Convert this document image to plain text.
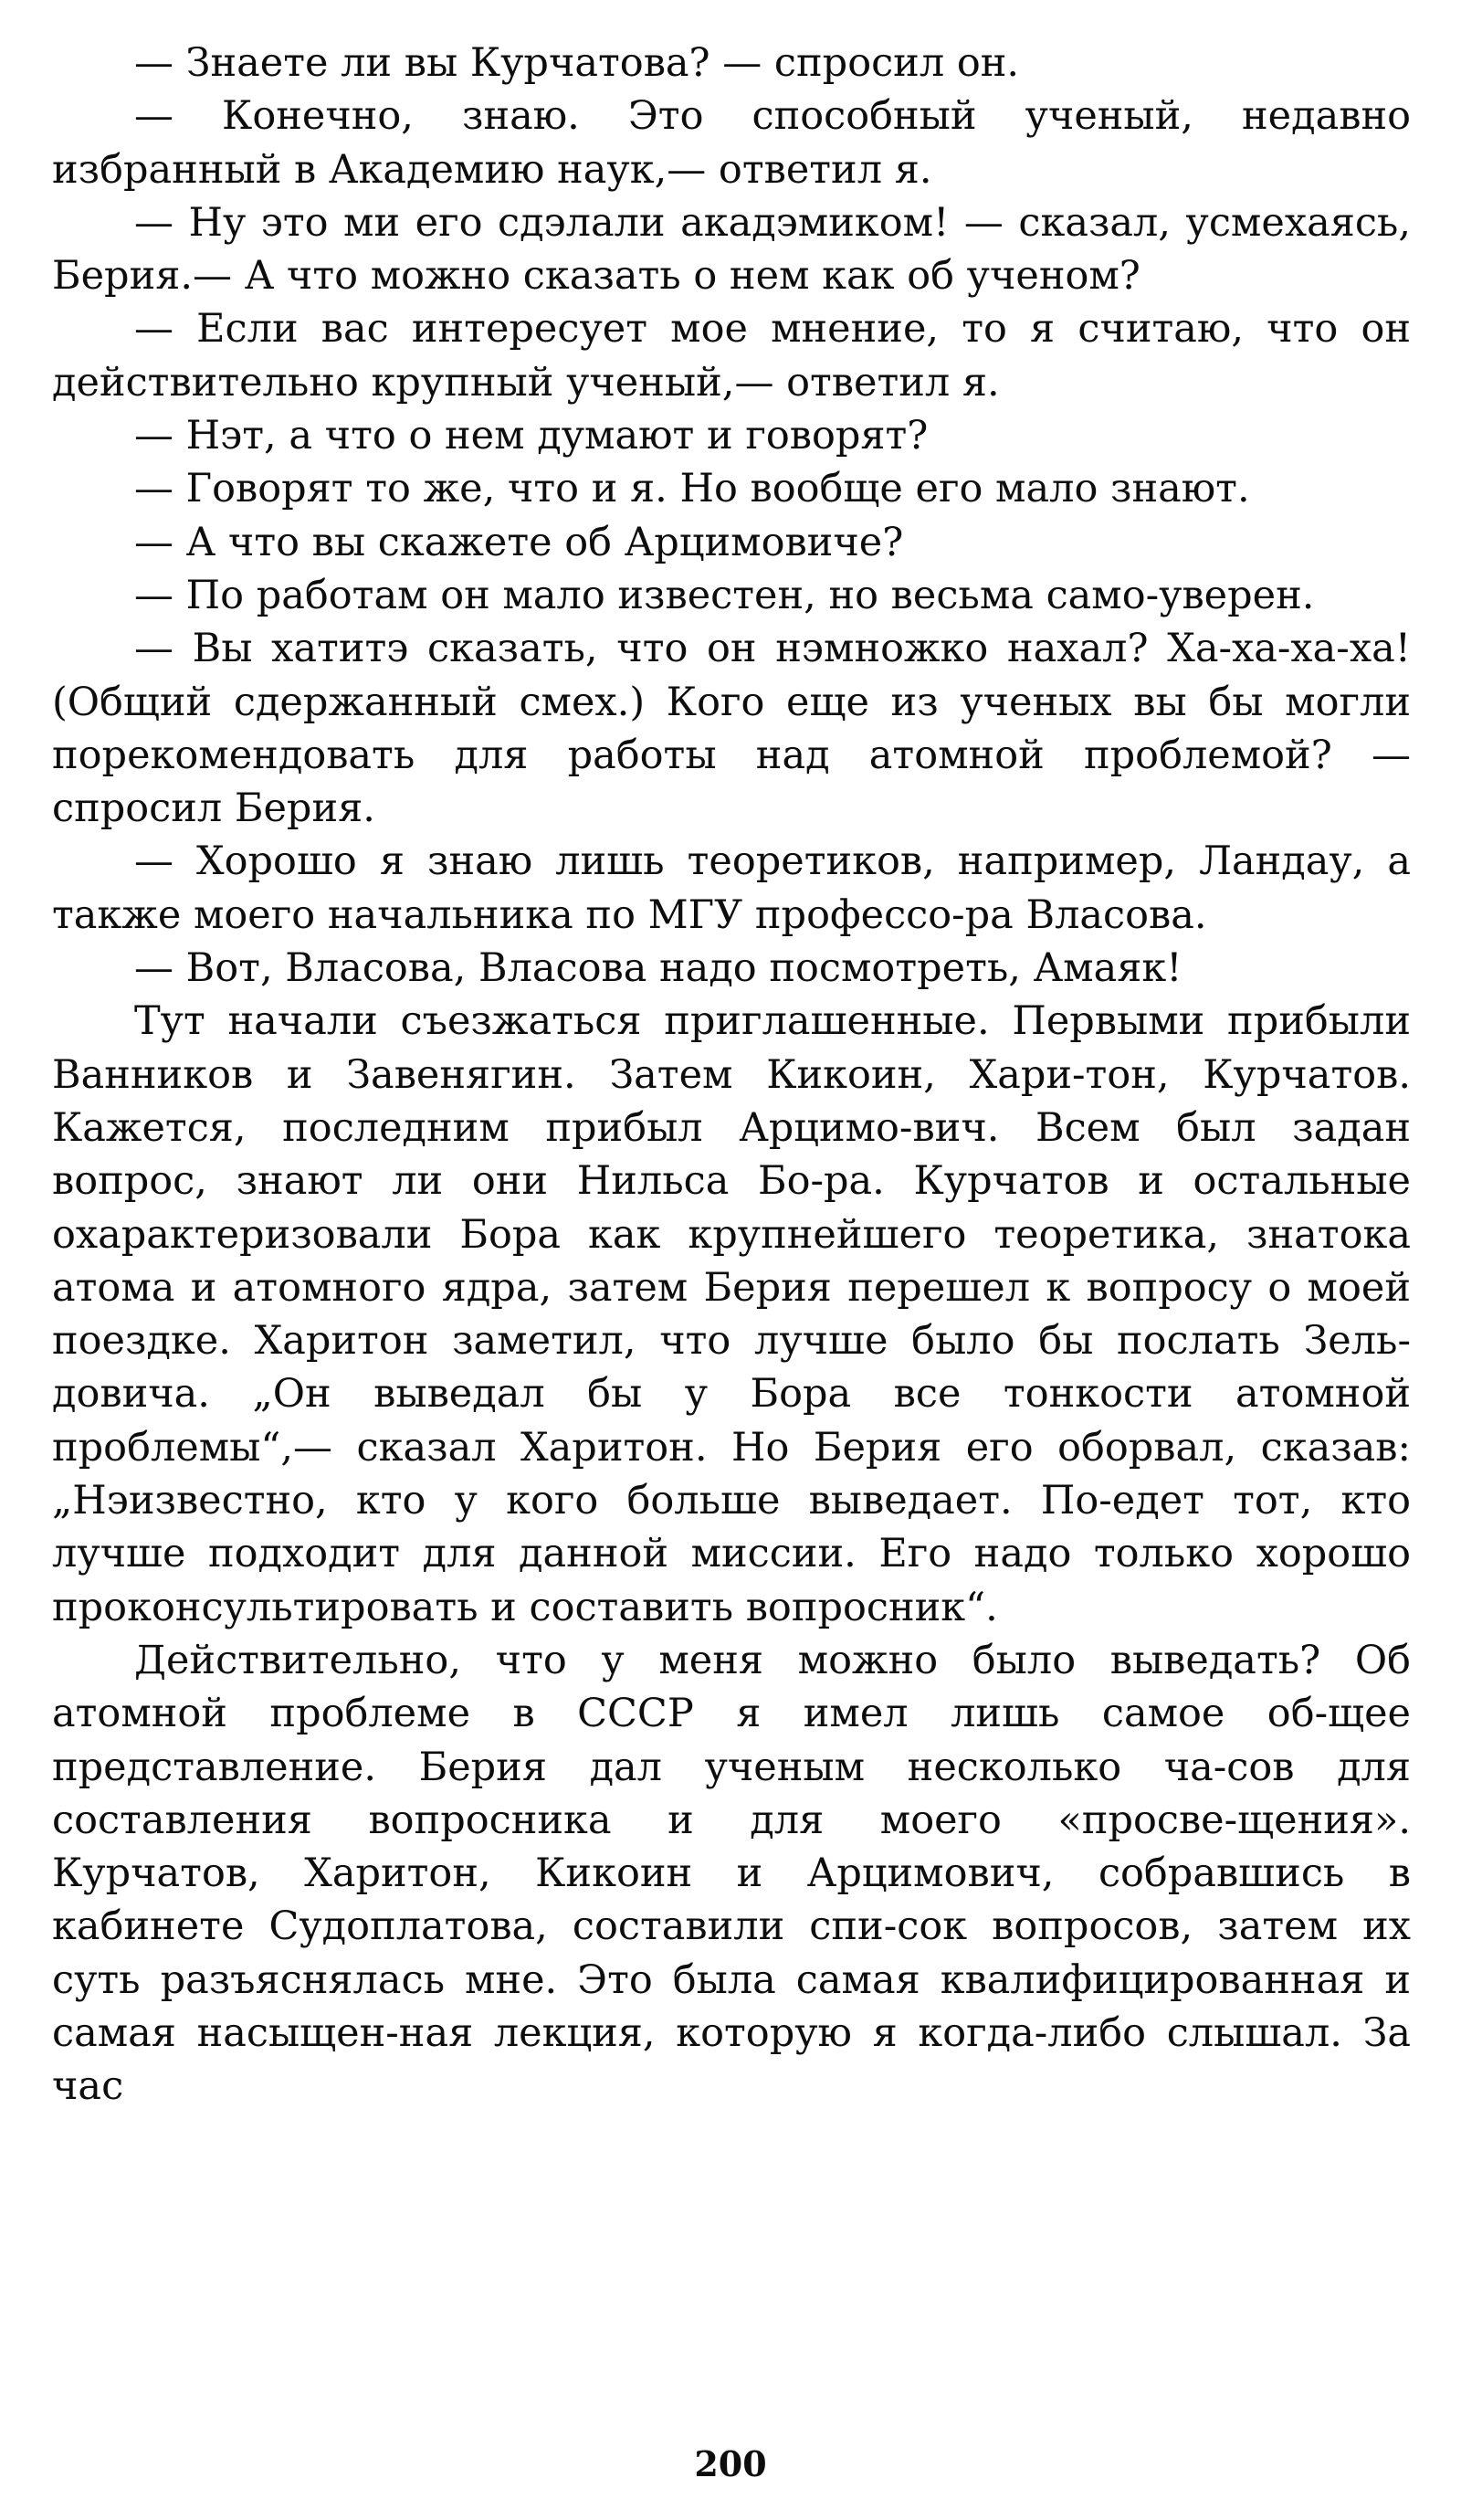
— Знаете ли вы Курчатова? — спросил он.

— Конечно, знаю. Это способный ученый, недавно избранный в Академию наук,— ответил я.

— Ну это ми его сдэлали акадэмиком! — сказал, усмехаясь, Берия.— А что можно сказать о нем как об ученом?

— Если вас интересует мое мнение, то я считаю, что он действительно крупный ученый,— ответил я.

— Нэт, а что о нем думают и говорят?

— Говорят то же, что и я. Но вообще его мало знают.

— А что вы скажете об Арцимовиче?

— По работам он мало известен, но весьма само-уверен.

— Вы хатитэ сказать, что он нэмножко нахал? Ха-ха-ха-ха! (Общий сдержанный смех.) Кого еще из ученых вы бы могли порекомендовать для работы над атомной проблемой? — спросил Берия.

— Хорошо я знаю лишь теоретиков, например, Ландау, а также моего начальника по МГУ профессо-ра Власова.

— Вот, Власова, Власова надо посмотреть, Амаяк!

Тут начали съезжаться приглашенные. Первыми прибыли Ванников и Завенягин. Затем Кикоин, Хари-тон, Курчатов. Кажется, последним прибыл Арцимо-вич. Всем был задан вопрос, знают ли они Нильса Бо-ра. Курчатов и остальные охарактеризовали Бора как крупнейшего теоретика, знатока атома и атомного ядра, затем Берия перешел к вопросу о моей поездке. Харитон заметил, что лучше было бы послать Зель-довича. „Он выведал бы у Бора все тонкости атомной проблемы“,— сказал Харитон. Но Берия его оборвал, сказав: „Нэизвестно, кто у кого больше выведает. По-едет тот, кто лучше подходит для данной миссии. Его надо только хорошо проконсультировать и составить вопросник“.

Действительно, что у меня можно было выведать? Об атомной проблеме в СССР я имел лишь самое об-щее представление. Берия дал ученым несколько ча-сов для составления вопросника и для моего «просве-щения». Курчатов, Харитон, Кикоин и Арцимович, собравшись в кабинете Судоплатова, составили спи-сок вопросов, затем их суть разъяснялась мне. Это была самая квалифицированная и самая насыщен-ная лекция, которую я когда-либо слышал. За час

200
